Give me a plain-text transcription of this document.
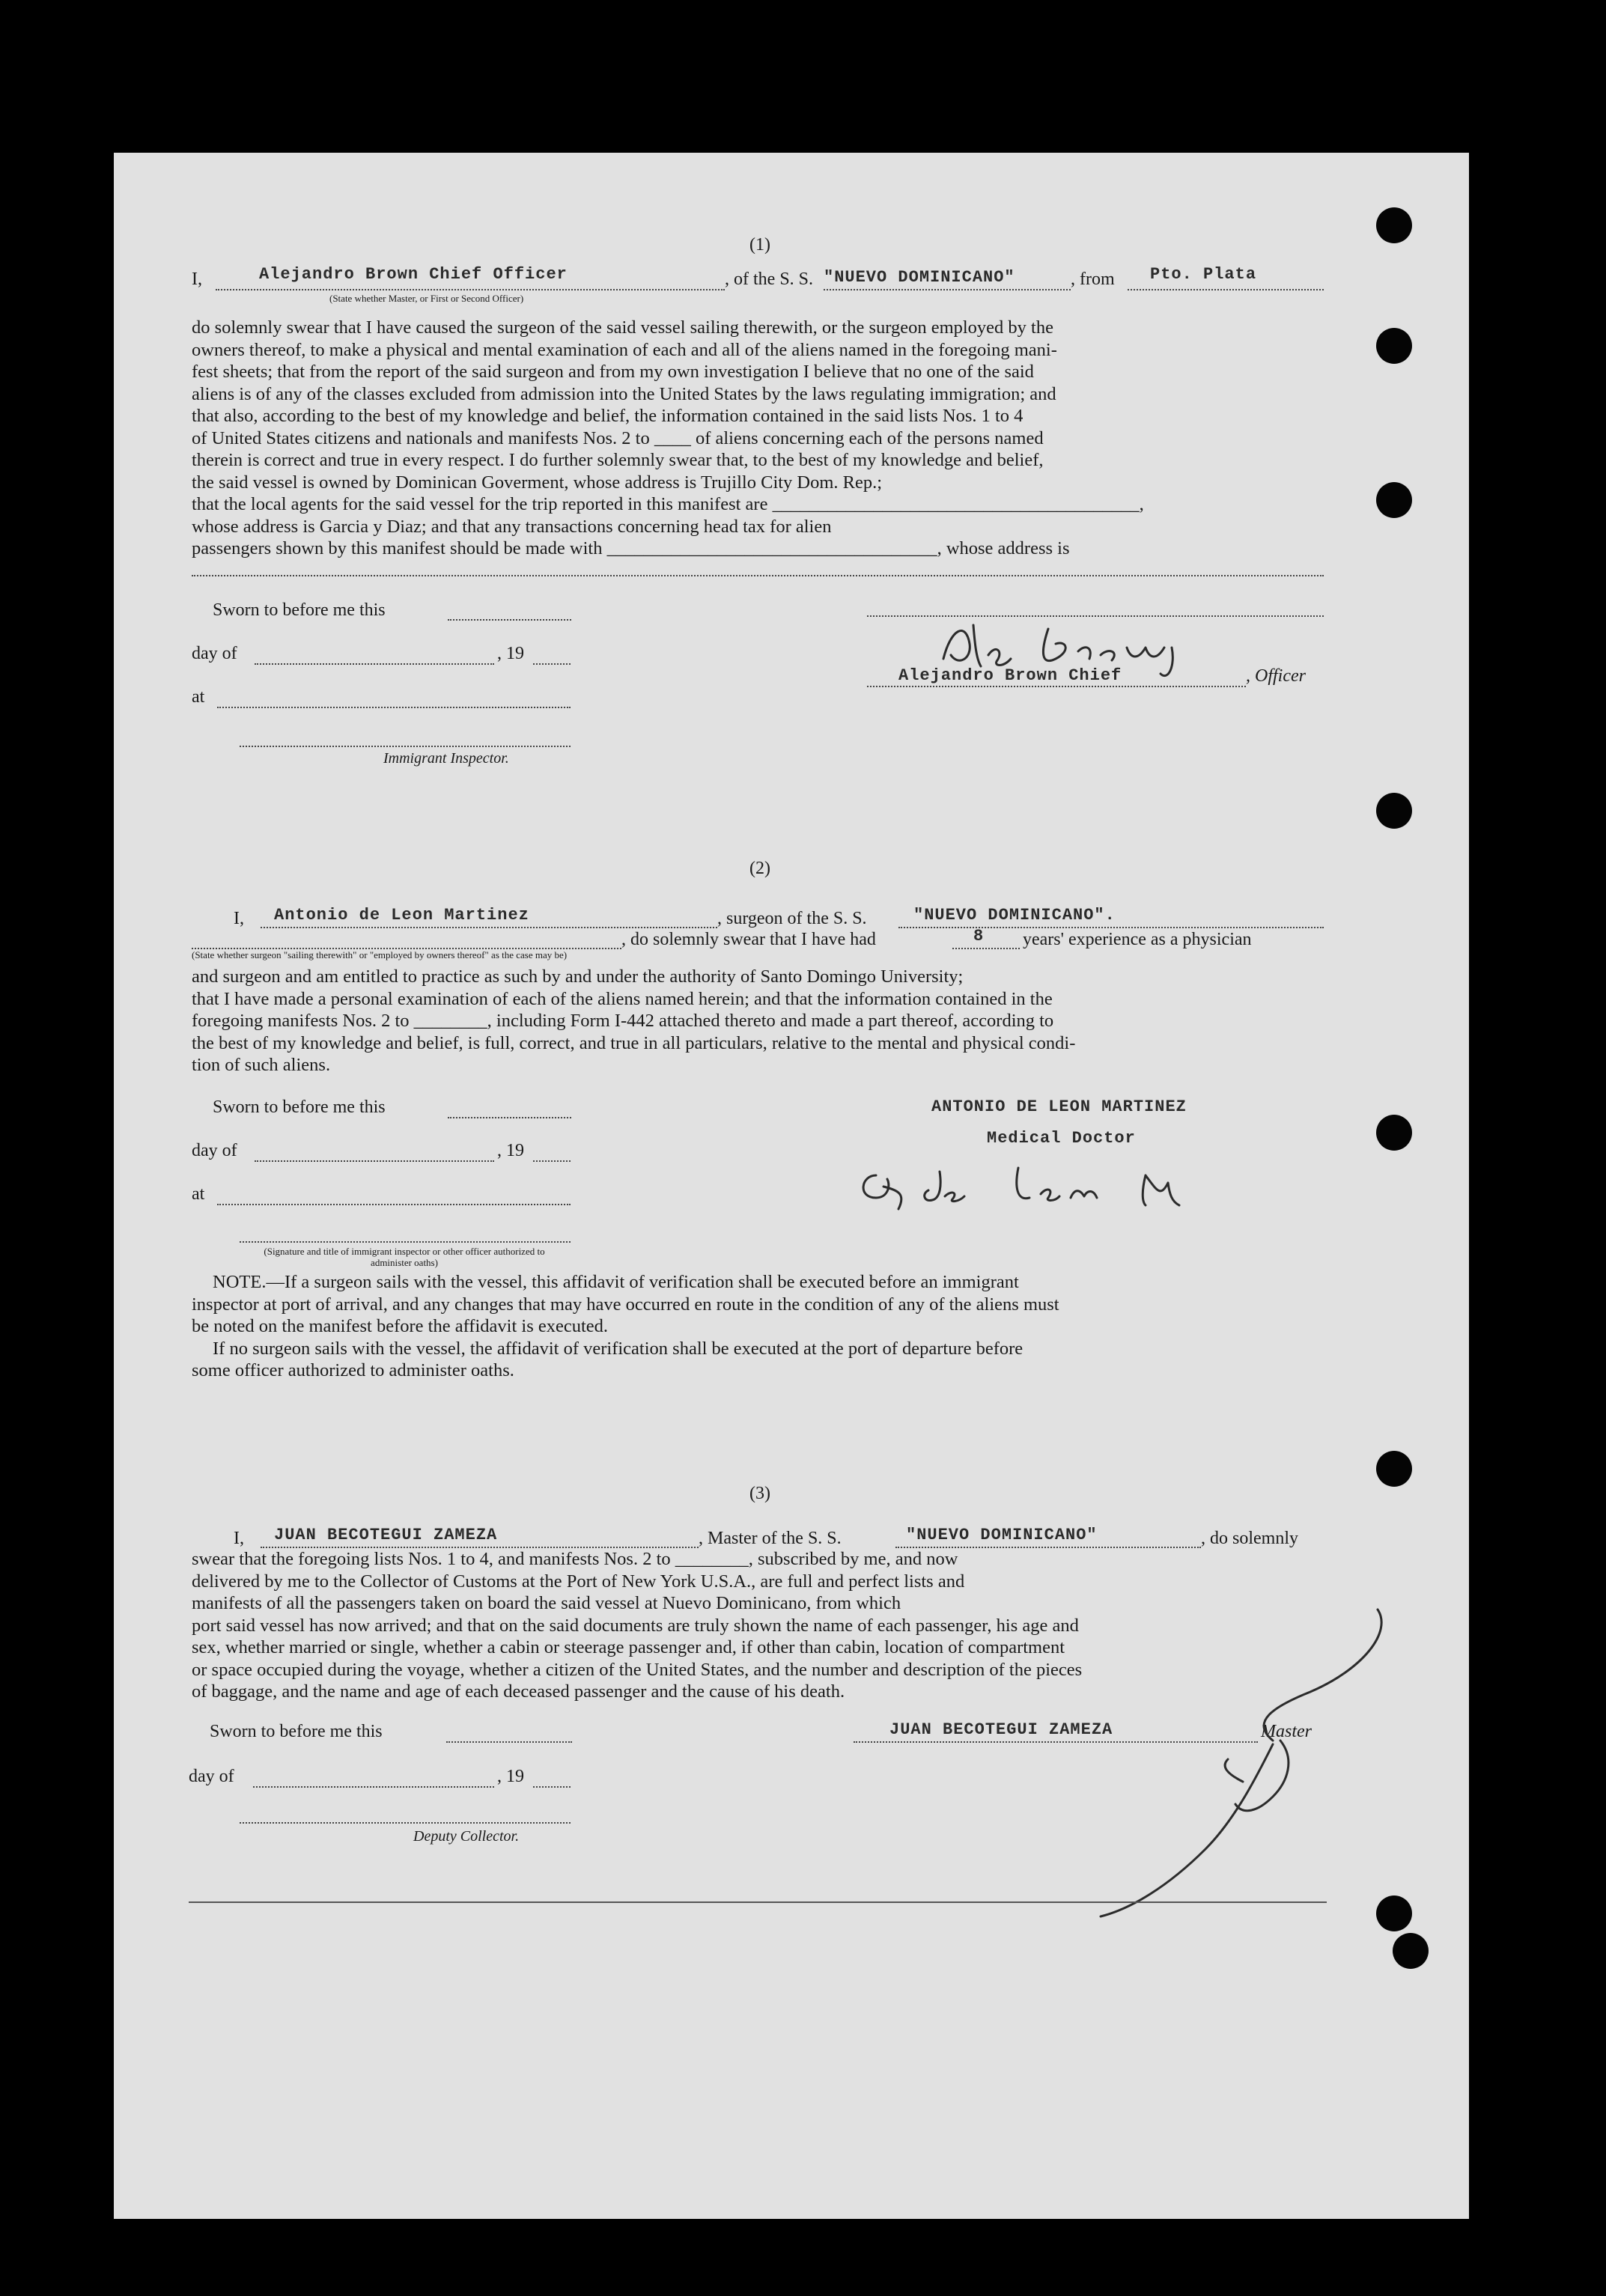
(1)
I,	Alejandro Brown Chief Officer	, of the S. S. "NUEVO DOMINICANO"	, from Pto. Plata
(State whether Master, or First or Second Officer)
do solemnly swear that I have caused the surgeon of the said vessel sailing therewith, or the surgeon employed by the
owners thereof, to make a physical and mental examination of each and all of the aliens named in the foregoing mani-
fest sheets; that from the report of the said surgeon and from my own investigation I believe that no one of the said
aliens is of any of the classes excluded from admission into the United States by the laws regulating immigration; and
that also, according to the best of my knowledge and belief, the information contained in the said lists Nos. 1 to 4
of United States citizens and nationals and manifests Nos. 2 to ____ of aliens concerning each of the persons named
therein is correct and true in every respect. I do further solemnly swear that, to the best of my knowledge and belief,
the said vessel is owned by Dominican Goverment, whose address is Trujillo City Dom. Rep.;
that the local agents for the said vessel for the trip reported in this manifest are ________________________________________,
whose address is Garcia y Diaz; and that any transactions concerning head tax for alien
passengers shown by this manifest should be made with ____________________________________, whose address is
Sworn to before me this
day of	, 19
at
Immigrant Inspector.
Alejandro Brown Chief	, Officer
(2)
I, Antonio de Leon Martinez	, surgeon of the S. S.	"NUEVO DOMINICANO".
, do solemnly swear that I have had	8 years' experience as a physician
(State whether surgeon "sailing therewith" or "employed by owners thereof" as the case may be)
and surgeon and am entitled to practice as such by and under the authority of Santo Domingo University;
that I have made a personal examination of each of the aliens named herein; and that the information contained in the
foregoing manifests Nos. 2 to ________, including Form I-442 attached thereto and made a part thereof, according to
the best of my knowledge and belief, is full, correct, and true in all particulars, relative to the mental and physical condi-
tion of such aliens.
Sworn to before me this
day of	, 19
at
(Signature and title of immigrant inspector or other officer authorized to administer oaths)
ANTONIO DE LEON MARTINEZ
Medical Doctor
NOTE.—If a surgeon sails with the vessel, this affidavit of verification shall be executed before an immigrant
inspector at port of arrival, and any changes that may have occurred en route in the condition of any of the aliens must
be noted on the manifest before the affidavit is executed.
If no surgeon sails with the vessel, the affidavit of verification shall be executed at the port of departure before
some officer authorized to administer oaths.
(3)
I, JUAN BECOTEGUI ZAMEZA	, Master of the S. S.	"NUEVO DOMINICANO"	, do solemnly
swear that the foregoing lists Nos. 1 to 4, and manifests Nos. 2 to ________, subscribed by me, and now
delivered by me to the Collector of Customs at the Port of New York U.S.A., are full and perfect lists and
manifests of all the passengers taken on board the said vessel at Nuevo Dominicano, from which
port said vessel has now arrived; and that on the said documents are truly shown the name of each passenger, his age and
sex, whether married or single, whether a cabin or steerage passenger and, if other than cabin, location of compartment
or space occupied during the voyage, whether a citizen of the United States, and the number and description of the pieces
of baggage, and the name and age of each deceased passenger and the cause of his death.
Sworn to before me this
day of	, 19
Deputy Collector.
JUAN BECOTEGUI ZAMEZA	Master
